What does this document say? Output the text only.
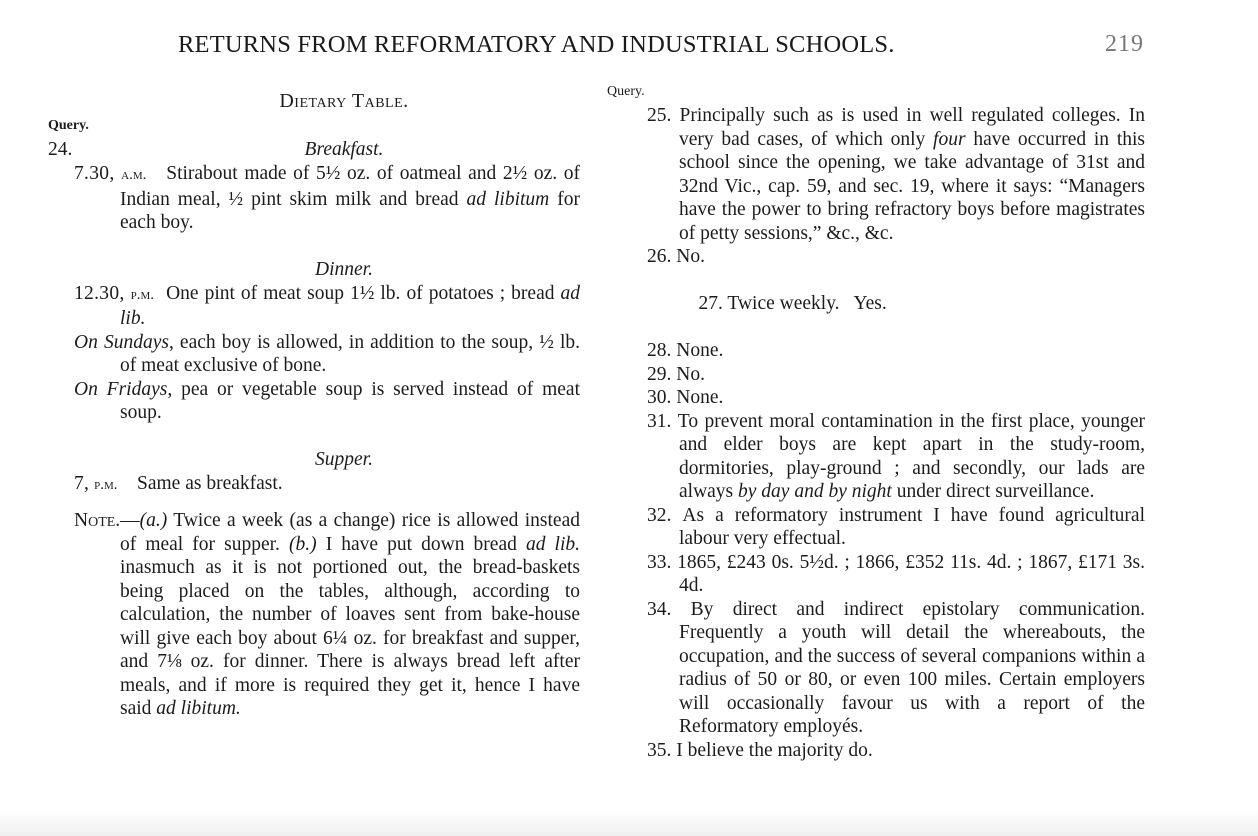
RETURNS FROM REFORMATORY AND INDUSTRIAL SCHOOLS.	219
Dietary Table.
Query.
24.	Breakfast.
7.30, a.m. Stirabout made of 5½ oz. of oatmeal and 2½ oz. of Indian meal, ½ pint skim milk and bread ad libitum for each boy.
Dinner.
12.30, p.m. One pint of meat soup 1½ lb. of potatoes ; bread ad lib.
On Sundays, each boy is allowed, in addition to the soup, ½ lb. of meat exclusive of bone.
On Fridays, pea or vegetable soup is served instead of meat soup.
Supper.
7, p.m. Same as breakfast.
Note.—(a.) Twice a week (as a change) rice is allowed instead of meal for supper. (b.) I have put down bread ad lib. inasmuch as it is not portioned out, the bread-baskets being placed on the tables, although, according to calculation, the number of loaves sent from bake-house will give each boy about 6¼ oz. for breakfast and supper, and 7⅛ oz. for dinner. There is always bread left after meals, and if more is required they get it, hence I have said ad libitum.
Query.
25. Principally such as is used in well regulated colleges. In very bad cases, of which only four have occurred in this school since the opening, we take advantage of 31st and 32nd Vic., cap. 59, and sec. 19, where it says: “Managers have the power to bring refractory boys before magistrates of petty sessions,” &c., &c.
26. No.

27. Twice weekly.   Yes.

28. None.
29. No.
30. None.
31. To prevent moral contamination in the first place, younger and elder boys are kept apart in the study-room, dormitories, play-ground ; and secondly, our lads are always by day and by night under direct surveillance.
32. As a reformatory instrument I have found agricultural labour very effectual.
33. 1865, £243 0s. 5½d. ; 1866, £352 11s. 4d. ; 1867, £171 3s. 4d.
34. By direct and indirect epistolary communication. Frequently a youth will detail the whereabouts, the occupation, and the success of several companions within a radius of 50 or 80, or even 100 miles. Certain employers will occasionally favour us with a report of the Reformatory employés.
35. I believe the majority do.
